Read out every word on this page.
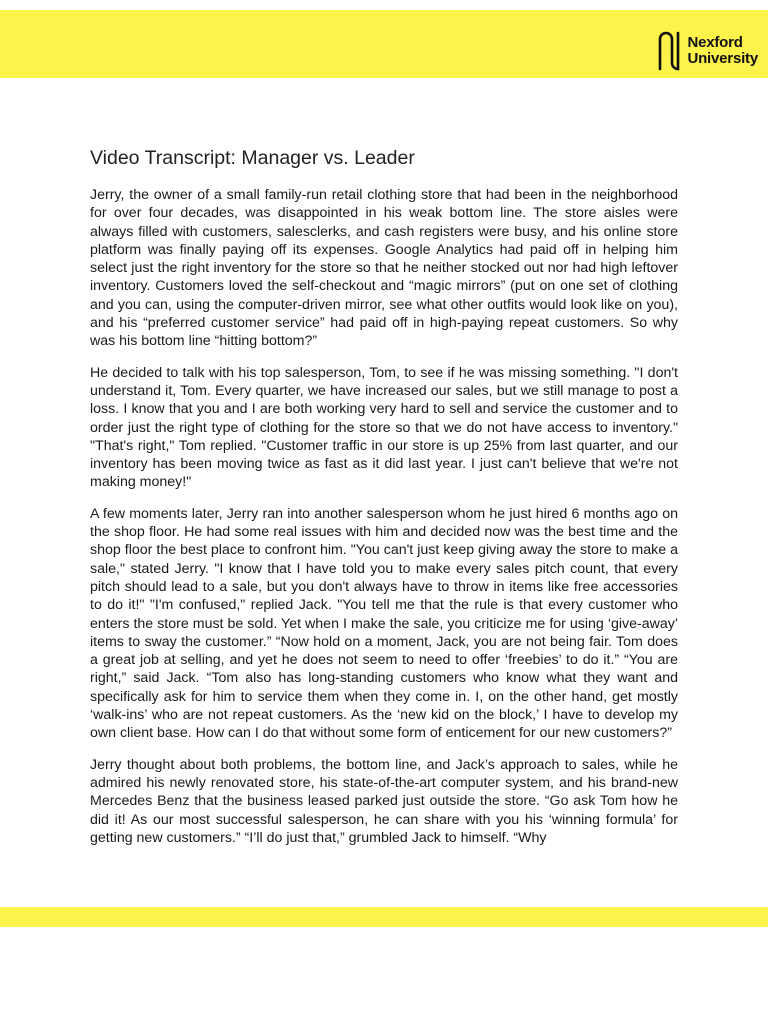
Nexford
University
Video Transcript: Manager vs. Leader

Jerry, the owner of a small family-run retail clothing store that had been in the neighborhood for over four decades, was disappointed in his weak bottom line. The store aisles were always filled with customers, salesclerks, and cash registers were busy, and his online store platform was finally paying off its expenses. Google Analytics had paid off in helping him select just the right inventory for the store so that he neither stocked out nor had high leftover inventory. Customers loved the self-checkout and “magic mirrors” (put on one set of clothing and you can, using the computer-driven mirror, see what other outfits would look like on you), and his “preferred customer service” had paid off in high-paying repeat customers. So why was his bottom line “hitting bottom?”

He decided to talk with his top salesperson, Tom, to see if he was missing something. "I don't understand it, Tom. Every quarter, we have increased our sales, but we still manage to post a loss. I know that you and I are both working very hard to sell and service the customer and to order just the right type of clothing for the store so that we do not have access to inventory." "That's right," Tom replied. "Customer traffic in our store is up 25% from last quarter, and our inventory has been moving twice as fast as it did last year. I just can't believe that we're not making money!"

A few moments later, Jerry ran into another salesperson whom he just hired 6 months ago on the shop floor. He had some real issues with him and decided now was the best time and the shop floor the best place to confront him. "You can't just keep giving away the store to make a sale," stated Jerry. "I know that I have told you to make every sales pitch count, that every pitch should lead to a sale, but you don't always have to throw in items like free accessories to do it!" "I'm confused," replied Jack. "You tell me that the rule is that every customer who enters the store must be sold. Yet when I make the sale, you criticize me for using ‘give-away’ items to sway the customer.” “Now hold on a moment, Jack, you are not being fair. Tom does a great job at selling, and yet he does not seem to need to offer ‘freebies’ to do it.” “You are right,” said Jack. “Tom also has long-standing customers who know what they want and specifically ask for him to service them when they come in. I, on the other hand, get mostly ‘walk-ins’ who are not repeat customers. As the ‘new kid on the block,’ I have to develop my own client base. How can I do that without some form of enticement for our new customers?”

Jerry thought about both problems, the bottom line, and Jack’s approach to sales, while he admired his newly renovated store, his state-of-the-art computer system, and his brand-new Mercedes Benz that the business leased parked just outside the store. “Go ask Tom how he did it! As our most successful salesperson, he can share with you his ‘winning formula’ for getting new customers.” “I’ll do just that,” grumbled Jack to himself. “Why
